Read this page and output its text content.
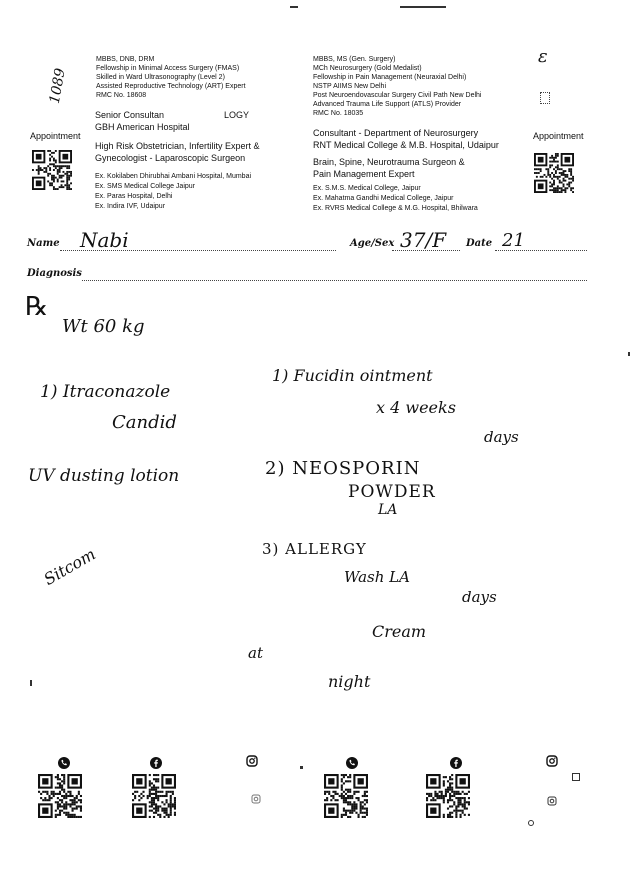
1089
MBBS, DNB, DRM
Fellowship in Minimal Access Surgery (FMAS)
Skilled in Ward Ultrasonography (Level 2)
Assisted Reproductive Technology (ART) Expert
RMC No. 18608
MBBS, MS (Gen. Surgery)
MCh Neurosurgery (Gold Medalist)
Fellowship in Pain Management (Neuraxial Delhi)
NSTP AIIMS New Delhi
Post Neuroendovascular Surgery Civil Path New Delhi
Advanced Trauma Life Support (ATLS) Provider
RMC No. 18035
Appointment	Appointment
Senior Consultan	LOGY
GBH American Hospital
High Risk Obstetrician, Infertility Expert &
Gynecologist - Laparoscopic Surgeon
Ex. Kokilaben Dhirubhai Ambani Hospital, Mumbai
Ex. SMS Medical College Jaipur
Ex. Paras Hospital, Delhi
Ex. Indira IVF, Udaipur
Consultant - Department of Neurosurgery
RNT Medical College & M.B. Hospital, Udaipur
Brain, Spine, Neurotrauma Surgeon &
Pain Management Expert
Ex. S.M.S. Medical College, Jaipur
Ex. Mahatma Gandhi Medical College, Jaipur
Ex. RVRS Medical College & M.G. Hospital, Bhilwara
ɛ
Name Nabi	Age/Sex 37/F Date 21
Diagnosis
℞
Wt 60 kg
1) Fucidin ointment
1) Itraconazole
x 4 weeks
Candid
days
UV dusting lotion	2) NEOSPORIN
POWDER
LA
3) ALLERGY
Wash LA
days
Sitcom
Cream
at
night
